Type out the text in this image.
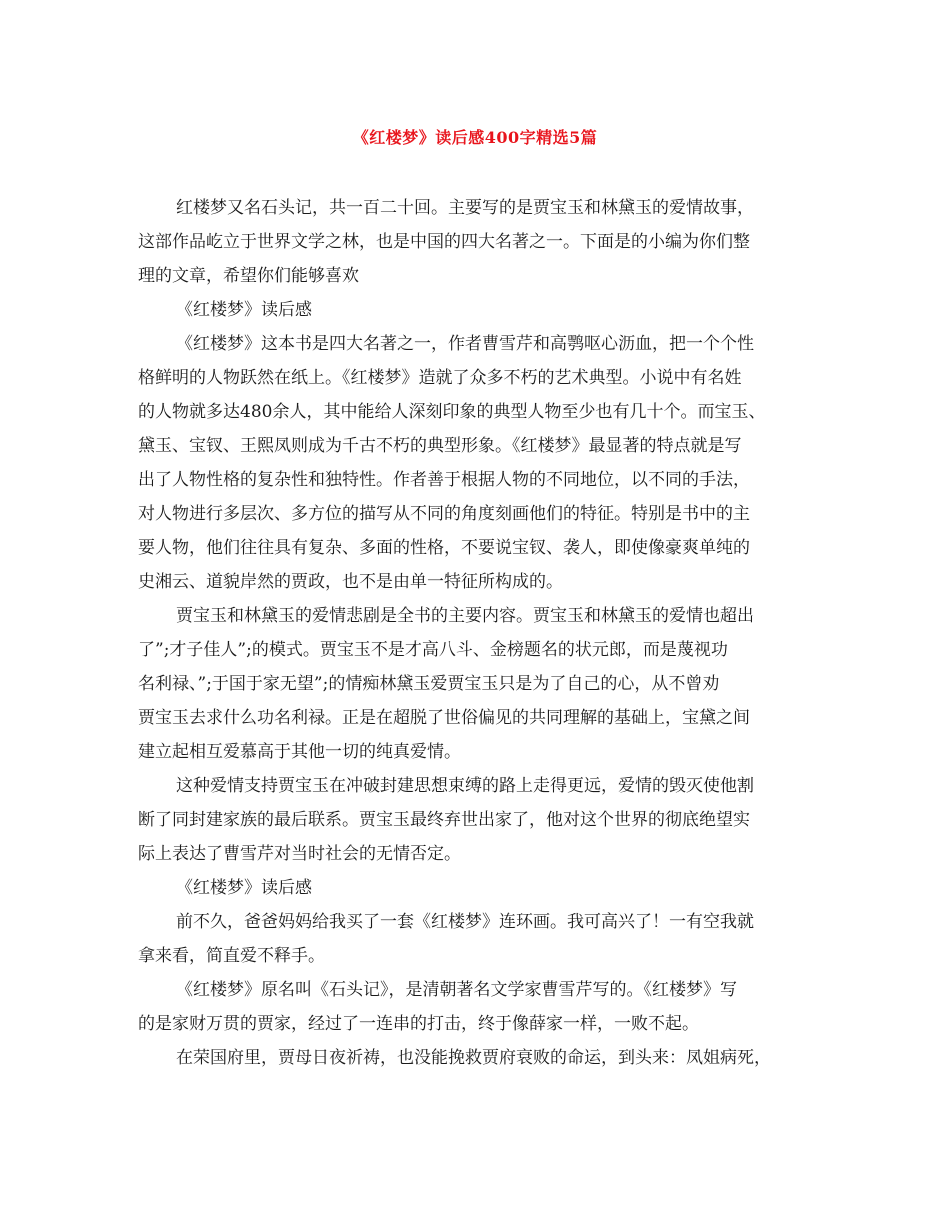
《红楼梦》读后感400字精选5篇
红楼梦又名石头记，共一百二十回。主要写的是贾宝玉和林黛玉的爱情故事，
这部作品屹立于世界文学之林，也是中国的四大名著之一。下面是的小编为你们整
理的文章，希望你们能够喜欢
《红楼梦》读后感
《红楼梦》这本书是四大名著之一，作者曹雪芹和高鹗呕心沥血，把一个个性
格鲜明的人物跃然在纸上。《红楼梦》造就了众多不朽的艺术典型。小说中有名姓
的人物就多达480余人，其中能给人深刻印象的典型人物至少也有几十个。而宝玉、
黛玉、宝钗、王熙凤则成为千古不朽的典型形象。《红楼梦》最显著的特点就是写
出了人物性格的复杂性和独特性。作者善于根据人物的不同地位，以不同的手法，
对人物进行多层次、多方位的描写从不同的角度刻画他们的特征。特别是书中的主
要人物，他们往往具有复杂、多面的性格，不要说宝钗、袭人，即使像豪爽单纯的
史湘云、道貌岸然的贾政，也不是由单一特征所构成的。
贾宝玉和林黛玉的爱情悲剧是全书的主要内容。贾宝玉和林黛玉的爱情也超出
了”;才子佳人”;的模式。贾宝玉不是才高八斗、金榜题名的状元郎，而是蔑视功
名利禄、”;于国于家无望”;的情痴林黛玉爱贾宝玉只是为了自己的心，从不曾劝
贾宝玉去求什么功名利禄。正是在超脱了世俗偏见的共同理解的基础上，宝黛之间
建立起相互爱慕高于其他一切的纯真爱情。
这种爱情支持贾宝玉在冲破封建思想束缚的路上走得更远，爱情的毁灭使他割
断了同封建家族的最后联系。贾宝玉最终弃世出家了，他对这个世界的彻底绝望实
际上表达了曹雪芹对当时社会的无情否定。
《红楼梦》读后感
前不久，爸爸妈妈给我买了一套《红楼梦》连环画。我可高兴了！一有空我就
拿来看，简直爱不释手。
《红楼梦》原名叫《石头记》，是清朝著名文学家曹雪芹写的。《红楼梦》写
的是家财万贯的贾家，经过了一连串的打击，终于像薛家一样，一败不起。
在荣国府里，贾母日夜祈祷，也没能挽救贾府衰败的命运，到头来：凤姐病死，
